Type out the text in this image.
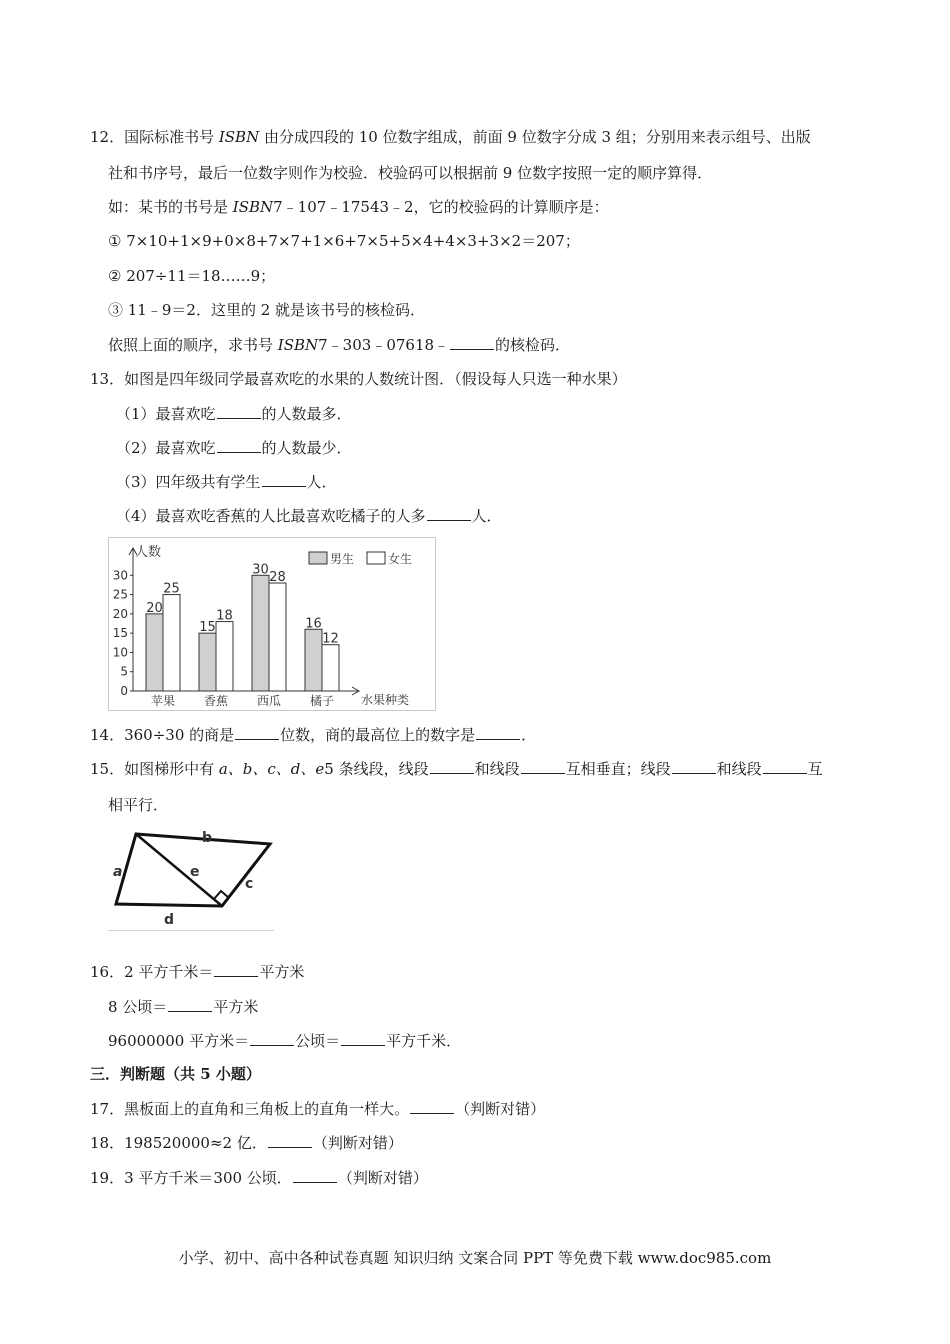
12．国际标准书号 ISBN 由分成四段的 10 位数字组成，前面 9 位数字分成 3 组；分别用来表示组号、出版
社和书序号，最后一位数字则作为校验．校验码可以根据前 9 位数字按照一定的顺序算得．
如：某书的书号是 ISBN7﹣107﹣17543﹣2，它的校验码的计算顺序是：
① 7×10+1×9+0×8+7×7+1×6+7×5+5×4+4×3+3×2＝207；
② 207÷11＝18……9；
③ 11﹣9＝2．这里的 2 就是该书号的核检码．
依照上面的顺序，求书号 ISBN7﹣303﹣07618﹣	的核检码．
13．如图是四年级同学最喜欢吃的水果的人数统计图．（假设每人只选一种水果）
（1）最喜欢吃	的人数最多．
（2）最喜欢吃	的人数最少．
（3）四年级共有学生	人．
（4）最喜欢吃香蕉的人比最喜欢吃橘子的人多	人．
人数
水果种类
0
5
10
15
20
25
30
男生	女生
20
25
苹果
15
18
香蕉
30
28
西瓜
16
12
橘子
14．360÷30 的商是	位数，商的最高位上的数字是	．
15．如图梯形中有 a、b、c、d、e5 条线段，线段	和线段	互相垂直；线段	和线段	互
相平行．
b
a	e
c
d
16．2 平方千米＝	平方米
8 公顷＝	平方米
96000000 平方米＝	公顷＝	平方千米．
三．判断题（共 5 小题）
17．黑板面上的直角和三角板上的直角一样大。	（判断对错）
18．198520000≈2 亿．	（判断对错）
19．3 平方千米＝300 公顷．	（判断对错）
小学、初中、高中各种试卷真题 知识归纳 文案合同 PPT 等免费下载 www.doc985.com
